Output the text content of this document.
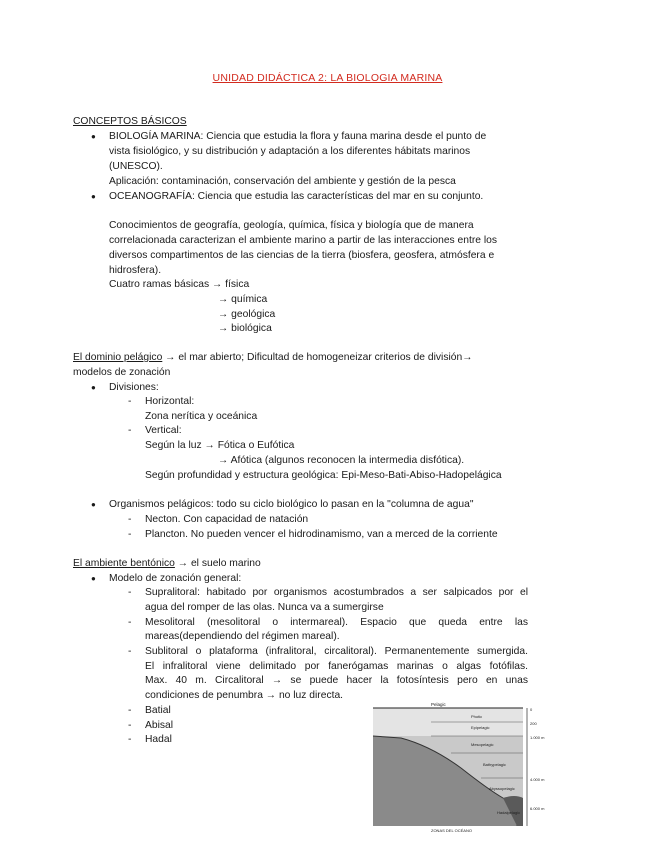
UNIDAD DIDÁCTICA 2: LA BIOLOGIA MARINA
CONCEPTOS BÁSICOS
● BIOLOGÍA MARINA: Ciencia que estudia la flora y fauna marina desde el punto de
vista fisiológico, y su distribución y adaptación a los diferentes hábitats marinos
(UNESCO).
Aplicación: contaminación, conservación del ambiente y gestión de la pesca
● OCEANOGRAFÍA: Ciencia que estudia las características del mar en su conjunto.
Conocimientos de geografía, geología, química, física y biología que de manera
correlacionada caracterizan el ambiente marino a partir de las interacciones entre los
diversos compartimentos de las ciencias de la tierra (biosfera, geosfera, atmósfera e
hidrosfera).
Cuatro ramas básicas → física
→ química
→ geológica
→ biológica
El dominio pelágico → el mar abierto; Dificultad de homogeneizar criterios de división→
modelos de zonación
● Divisiones:
- Horizontal:
Zona nerítica y oceánica
- Vertical:
Según la luz → Fótica o Eufótica
→ Afótica (algunos reconocen la intermedia disfótica).
Según profundidad y estructura geológica: Epi-Meso-Bati-Abiso-Hadopelágica
● Organismos pelágicos: todo su ciclo biológico lo pasan en la "columna de agua"
- Necton. Con capacidad de natación
- Plancton. No pueden vencer el hidrodinamismo, van a merced de la corriente
El ambiente bentónico → el suelo marino
● Modelo de zonación general:
- Supralitoral: habitado por organismos acostumbrados a ser salpicados por el
agua del romper de las olas. Nunca va a sumergirse
- Mesolitoral (mesolitoral o intermareal). Espacio que queda entre las
mareas(dependiendo del régimen mareal).
- Sublitoral o plataforma (infralitoral, circalitoral). Permanentemente sumergida.
El infralitoral viene delimitado por fanerógamas marinas o algas fotófilas.
Max. 40 m. Circalitoral → se puede hacer la fotosíntesis pero en unas
condiciones de penumbra → no luz directa.
- Batial
- Abisal
- Hadal
Pelagic
Photic
Epipelagic
Mesopelagic
Bathypelagic
Abyssopelagic
Hadalpelagic
0
200
1.000 m
4.000 m
6.000 m
ZONAS DEL OCÉANO
